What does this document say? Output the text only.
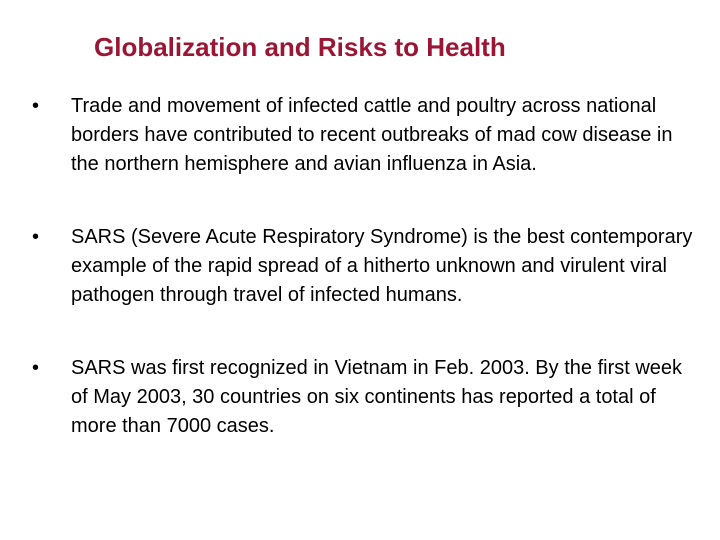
Globalization and Risks to Health
•	Trade and movement of infected cattle and poultry across national borders have contributed to recent outbreaks of mad cow disease in the northern hemisphere and avian influenza in Asia.
•	SARS (Severe Acute Respiratory Syndrome) is the best contemporary example of the rapid spread of a hitherto unknown and virulent viral pathogen through travel of infected humans.
•	SARS was first recognized in Vietnam in Feb. 2003. By the first week of May 2003, 30 countries on six continents has reported a total of more than 7000 cases.
